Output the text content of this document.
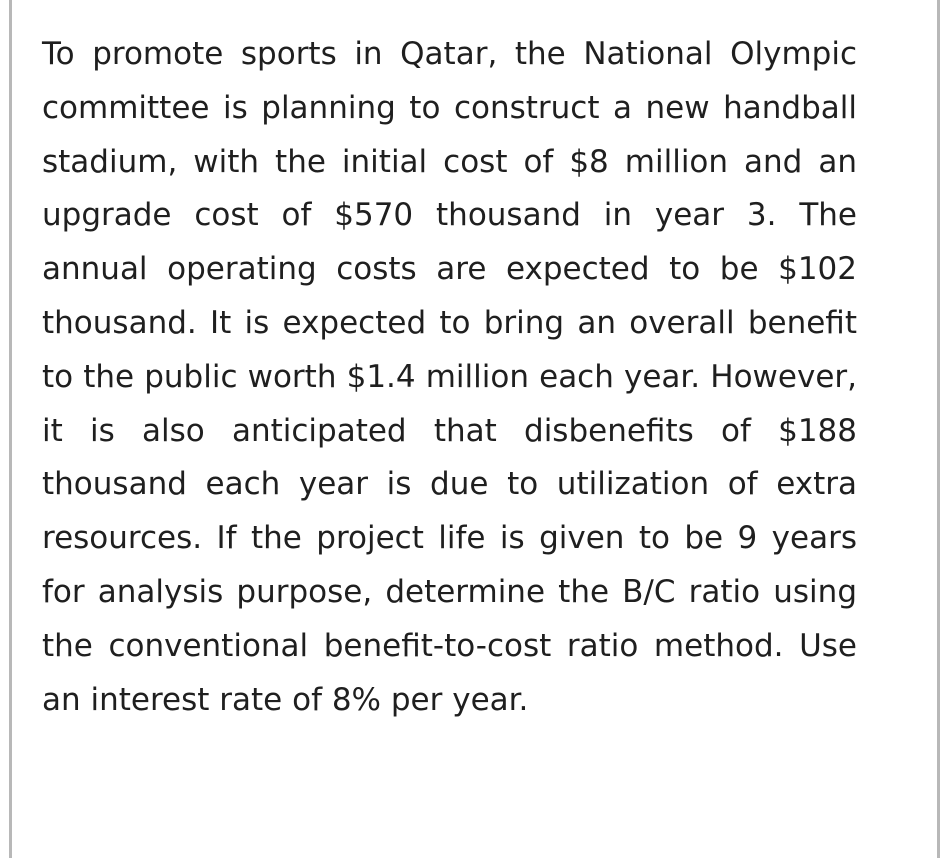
To promote sports in Qatar, the National Olympic committee is planning to construct a new handball stadium, with the initial cost of $8 million and an upgrade cost of $570 thousand in year 3. The annual operating costs are expected to be $102 thousand. It is expected to bring an overall benefit to the public worth $1.4 million each year. However, it is also anticipated that disbenefits of $188 thousand each year is due to utilization of extra resources. If the project life is given to be 9 years for analysis purpose, determine the B/C ratio using the conventional benefit-to-cost ratio method. Use an interest rate of 8% per year.
